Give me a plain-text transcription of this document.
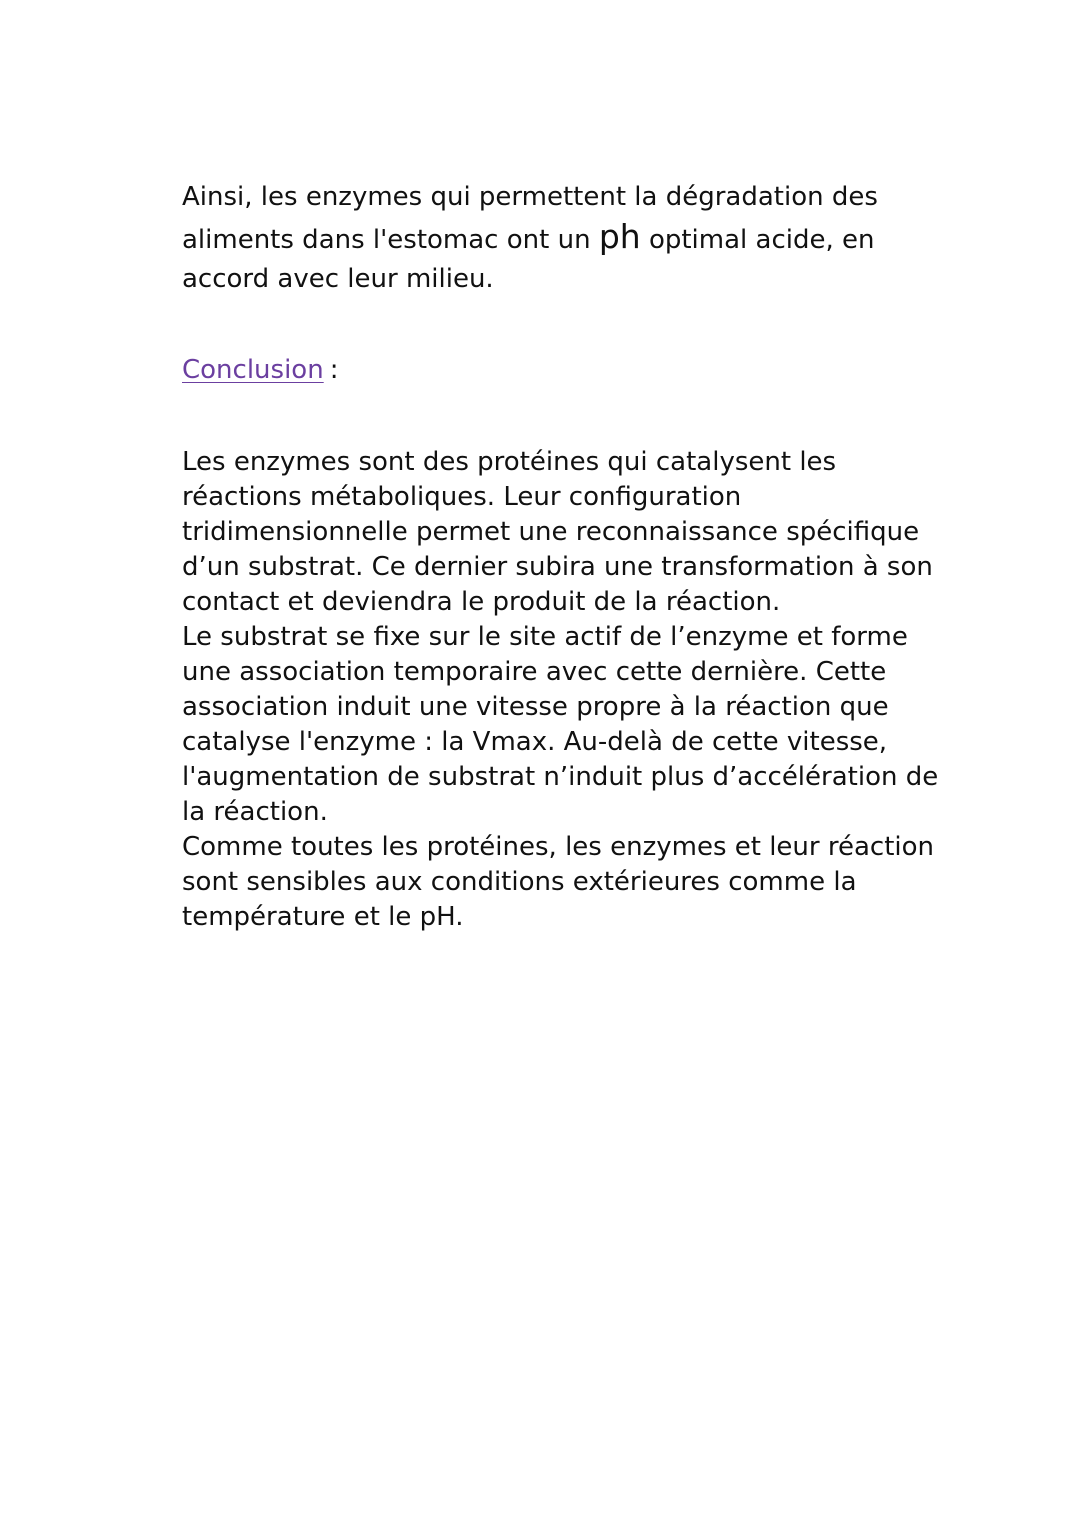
Ainsi, les enzymes qui permettent la dégradation des aliments dans l'estomac ont un ph optimal acide, en accord avec leur milieu.

Conclusion :

Les enzymes sont des protéines qui catalysent les réactions métaboliques. Leur configuration tridimensionnelle permet une reconnaissance spécifique d’un substrat. Ce dernier subira une transformation à son contact et deviendra le produit de la réaction.
Le substrat se fixe sur le site actif de l’enzyme et forme une association temporaire avec cette dernière. Cette association induit une vitesse propre à la réaction que catalyse l'enzyme : la Vmax. Au-delà de cette vitesse, l'augmentation de substrat n’induit plus d’accélération de la réaction.
Comme toutes les protéines, les enzymes et leur réaction sont sensibles aux conditions extérieures comme la température et le pH.
